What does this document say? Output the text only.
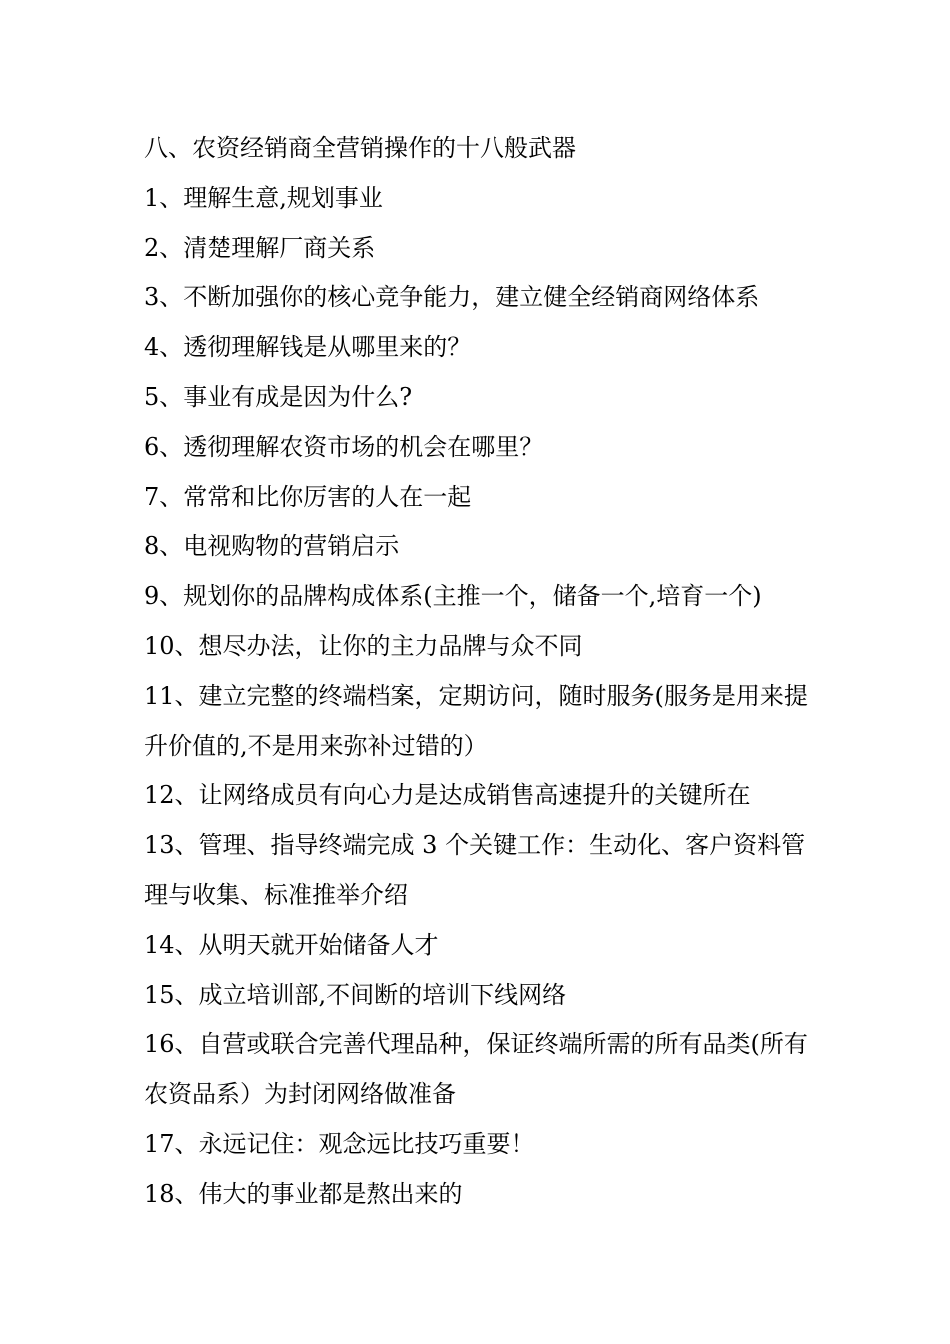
八、农资经销商全营销操作的十八般武器

1、理解生意,规划事业

2、清楚理解厂商关系

3、不断加强你的核心竞争能力，建立健全经销商网络体系

4、透彻理解钱是从哪里来的？

5、事业有成是因为什么?

6、透彻理解农资市场的机会在哪里？

7、常常和比你厉害的人在一起

8、电视购物的营销启示

9、规划你的品牌构成体系(主推一个，储备一个,培育一个)

10、想尽办法，让你的主力品牌与众不同

11、建立完整的终端档案，定期访问，随时服务(服务是用来提升价值的,不是用来弥补过错的）

12、让网络成员有向心力是达成销售高速提升的关键所在

13、管理、指导终端完成 3 个关键工作：生动化、客户资料管理与收集、标准推举介绍

14、从明天就开始储备人才

15、成立培训部,不间断的培训下线网络

16、自营或联合完善代理品种，保证终端所需的所有品类(所有农资品系）为封闭网络做准备

17、永远记住：观念远比技巧重要！

18、伟大的事业都是熬出来的
